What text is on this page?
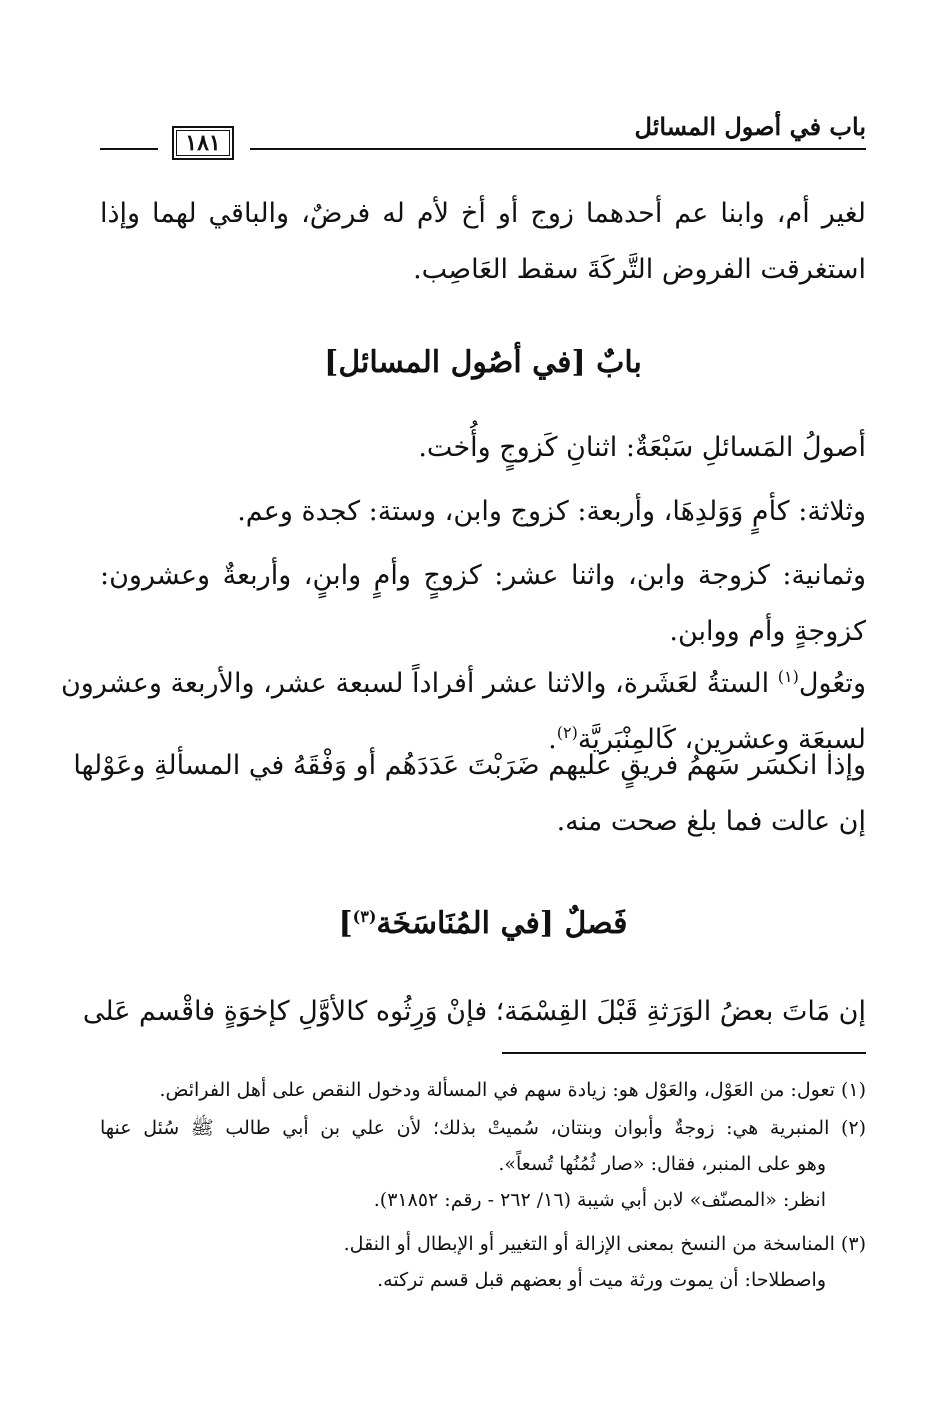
باب في أصول المسائل
١٨١
لغير أم، وابنا عم أحدهما زوج أو أخ لأم له فرضٌ، والباقي لهما وإذا
استغرقت الفروض التَّركَةَ سقط العَاصِب.
بابٌ [في أصُول المسائل]
أصولُ المَسائلِ سَبْعَةٌ: اثنانِ كَزوجٍ وأُخت.
وثلاثة: كأمٍ وَوَلدِهَا، وأربعة: كزوج وابن، وستة: كجدة وعم.
وثمانية: كزوجة وابن، واثنا عشر: كزوجٍ وأمٍ وابنٍ، وأربعةٌ وعشرون:
كزوجةٍ وأم ووابن.
وتعُول$^{(١)}$ الستةُ لعَشَرة، والاثنا عشر أفراداً لسبعة عشر، والأربعة وعشرون
لسبعَة وعشرين، كَالمِنْبَريَّة$^{(٢)}$.
وإذا انكسَر سَهمُ فريقٍ عليهم ضَرَبْتَ عَدَدَهُم أو وَفْقَهُ في المسألةِ وعَوْلها
إن عالت فما بلغ صحت منه.
فَصلٌ [في المُنَاسَخَة$^{(٣)}$]
إن مَاتَ بعضُ الوَرَثةِ قَبْلَ القِسْمَة؛ فإنْ وَرِثُوه كالأوَّلِ كإخوَةٍ فاقْسم عَلى
(١) تعول: من العَوْل، والعَوْل هو: زيادة سهم في المسألة ودخول النقص على أهل الفرائض.
(٢) المنبرية هي: زوجةٌ وأبوان وبنتان، سُميتْ بذلك؛ لأن علي بن أبي طالب ﷺ سُئل عنها
وهو على المنبر، فقال: «صار ثُمُنُها تُسعاً».
انظر: «المصنّف» لابن أبي شيبة (١٦/ ٢٦٢ - رقم: ٣١٨٥٢).
(٣) المناسخة من النسخ بمعنى الإزالة أو التغيير أو الإبطال أو النقل.
واصطلاحا: أن يموت ورثة ميت أو بعضهم قبل قسم تركته.
